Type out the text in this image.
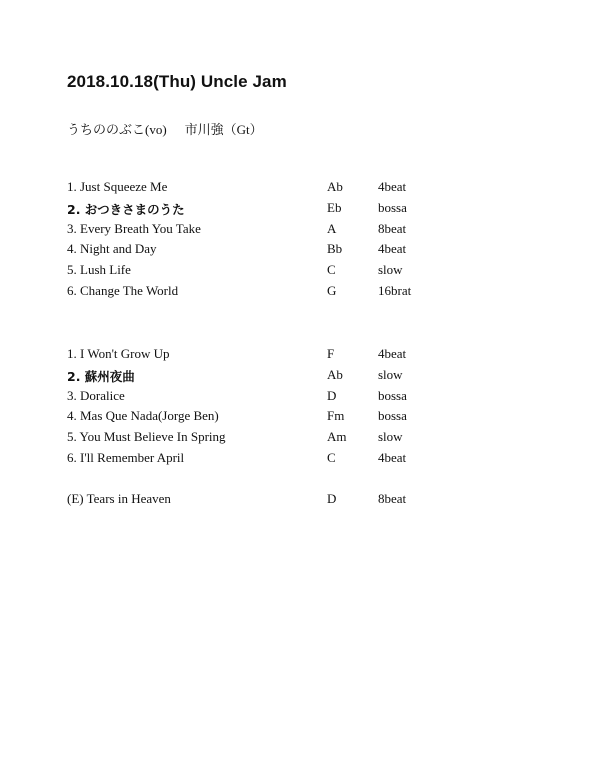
2018.10.18(Thu) Uncle Jam
うちののぶこ(vo) 市川強（Gt）
1. Just Squeeze Me	Ab	4beat
2. おつきさまのうた	Eb	bossa
3. Every Breath You Take	A	8beat
4. Night and Day	Bb	4beat
5. Lush Life	C	slow
6. Change The World	G	16brat
1. I Won't Grow Up	F	4beat
2. 蘇州夜曲	Ab	slow
3. Doralice	D	bossa
4. Mas Que Nada(Jorge Ben)	Fm	bossa
5. You Must Believe In Spring	Am slow
6. I'll Remember April	C	4beat
(E) Tears in Heaven	D	8beat
